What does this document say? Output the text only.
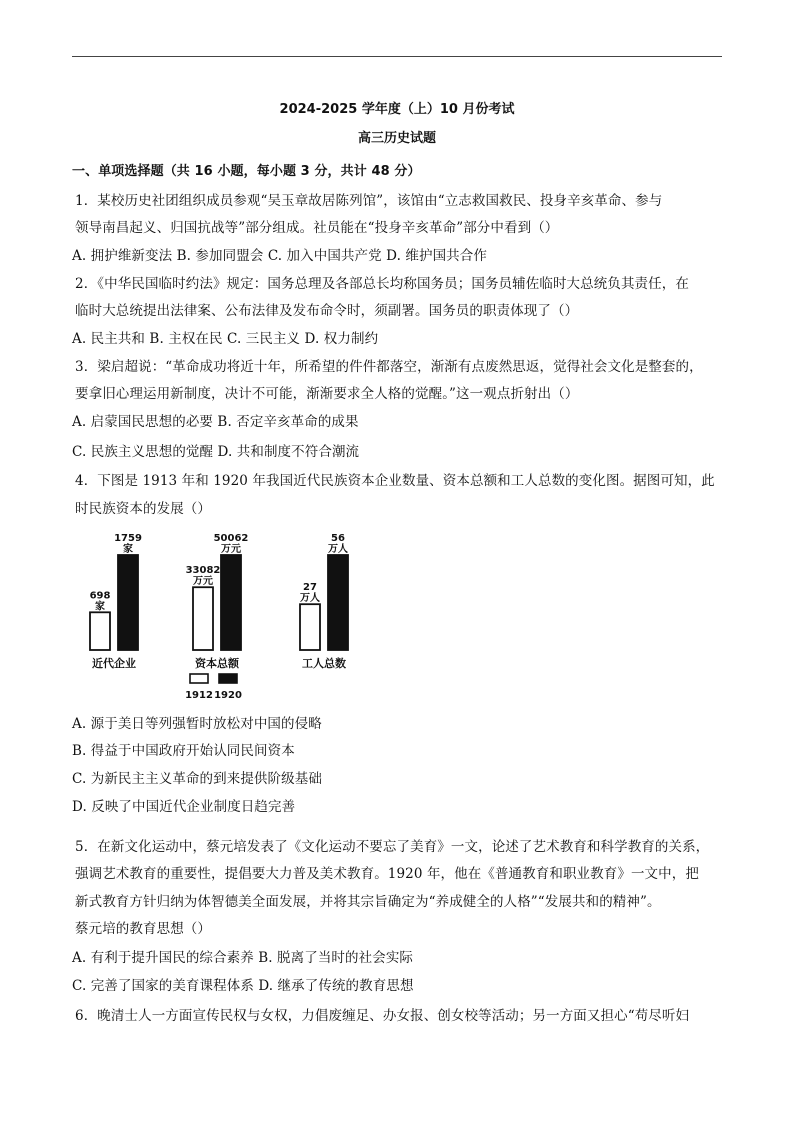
2024-2025 学年度（上）10 月份考试
高三历史试题
一、单项选择题（共 16 小题，每小题 3 分，共计 48 分）
1．某校历史社团组织成员参观“吴玉章故居陈列馆”，该馆由“立志救国救民、投身辛亥革命、参与
领导南昌起义、归国抗战等”部分组成。社员能在“投身辛亥革命”部分中看到（）
A. 拥护维新变法 B. 参加同盟会 C. 加入中国共产党 D. 维护国共合作
2．《中华民国临时约法》规定：国务总理及各部总长均称国务员；国务员辅佐临时大总统负其责任，在
临时大总统提出法律案、公布法律及发布命令时，须副署。国务员的职责体现了（）
A. 民主共和 B. 主权在民 C. 三民主义 D. 权力制约
3．梁启超说：“革命成功将近十年，所希望的件件都落空，渐渐有点废然思返，觉得社会文化是整套的，
要拿旧心理运用新制度，决计不可能，渐渐要求全人格的觉醒。”这一观点折射出（）
A. 启蒙国民思想的必要 B. 否定辛亥革命的成果
C. 民族主义思想的觉醒 D. 共和制度不符合潮流
4．下图是 1913 年和 1920 年我国近代民族资本企业数量、资本总额和工人总数的变化图。据图可知，此
时民族资本的发展（）
698
家
1759
家
近代企业
33082
万元
50062
万元
资本总额
27
万人
56
万人
工人总数
1912 1920
A. 源于美日等列强暂时放松对中国的侵略
B. 得益于中国政府开始认同民间资本
C. 为新民主主义革命的到来提供阶级基础
D. 反映了中国近代企业制度日趋完善
5．在新文化运动中，蔡元培发表了《文化运动不要忘了美育》一文，论述了艺术教育和科学教育的关系，
强调艺术教育的重要性，提倡要大力普及美术教育。1920 年，他在《普通教育和职业教育》一文中，把
新式教育方针归纳为体智德美全面发展，并将其宗旨确定为“养成健全的人格”“发展共和的精神”。
蔡元培的教育思想（）
A. 有利于提升国民的综合素养 B. 脱离了当时的社会实际
C. 完善了国家的美育课程体系 D. 继承了传统的教育思想
6．晚清士人一方面宣传民权与女权，力倡废缠足、办女报、创女校等活动；另一方面又担心“苟尽听妇
